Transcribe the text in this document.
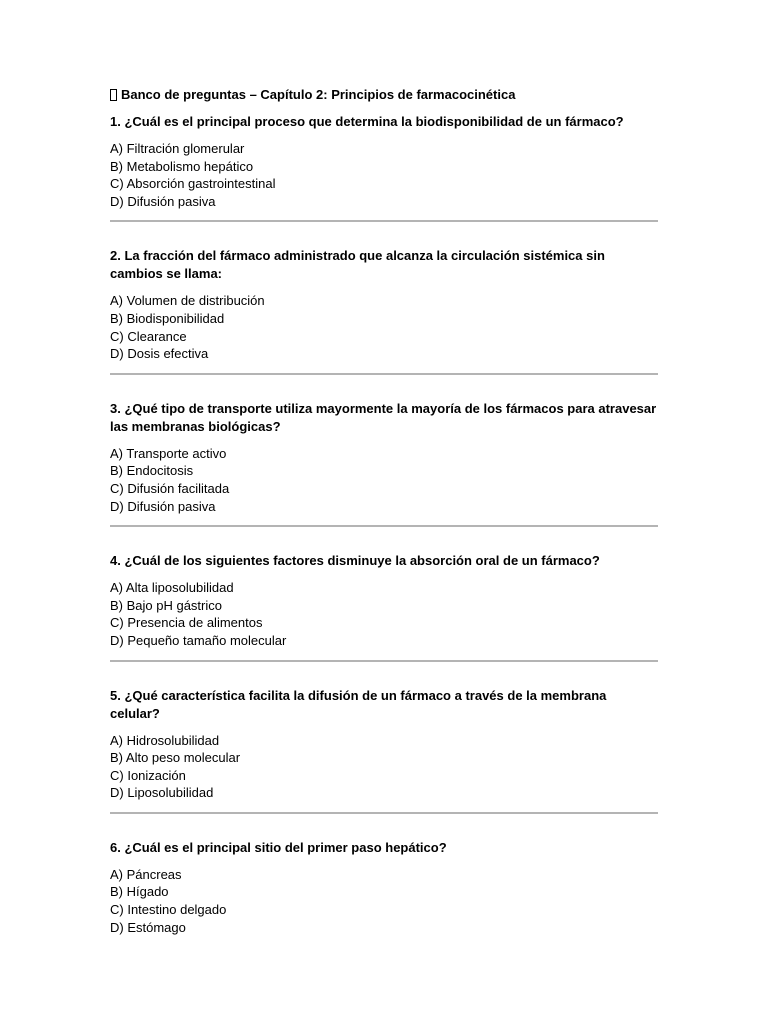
Banco de preguntas – Capítulo 2: Principios de farmacocinética

1. ¿Cuál es el principal proceso que determina la biodisponibilidad de un fármaco?

A) Filtración glomerular
B) Metabolismo hepático
C) Absorción gastrointestinal
D) Difusión pasiva

2. La fracción del fármaco administrado que alcanza la circulación sistémica sin cambios se llama:

A) Volumen de distribución
B) Biodisponibilidad
C) Clearance
D) Dosis efectiva

3. ¿Qué tipo de transporte utiliza mayormente la mayoría de los fármacos para atravesar las membranas biológicas?

A) Transporte activo
B) Endocitosis
C) Difusión facilitada
D) Difusión pasiva

4. ¿Cuál de los siguientes factores disminuye la absorción oral de un fármaco?

A) Alta liposolubilidad
B) Bajo pH gástrico
C) Presencia de alimentos
D) Pequeño tamaño molecular

5. ¿Qué característica facilita la difusión de un fármaco a través de la membrana celular?

A) Hidrosolubilidad
B) Alto peso molecular
C) Ionización
D) Liposolubilidad

6. ¿Cuál es el principal sitio del primer paso hepático?

A) Páncreas
B) Hígado
C) Intestino delgado
D) Estómago
